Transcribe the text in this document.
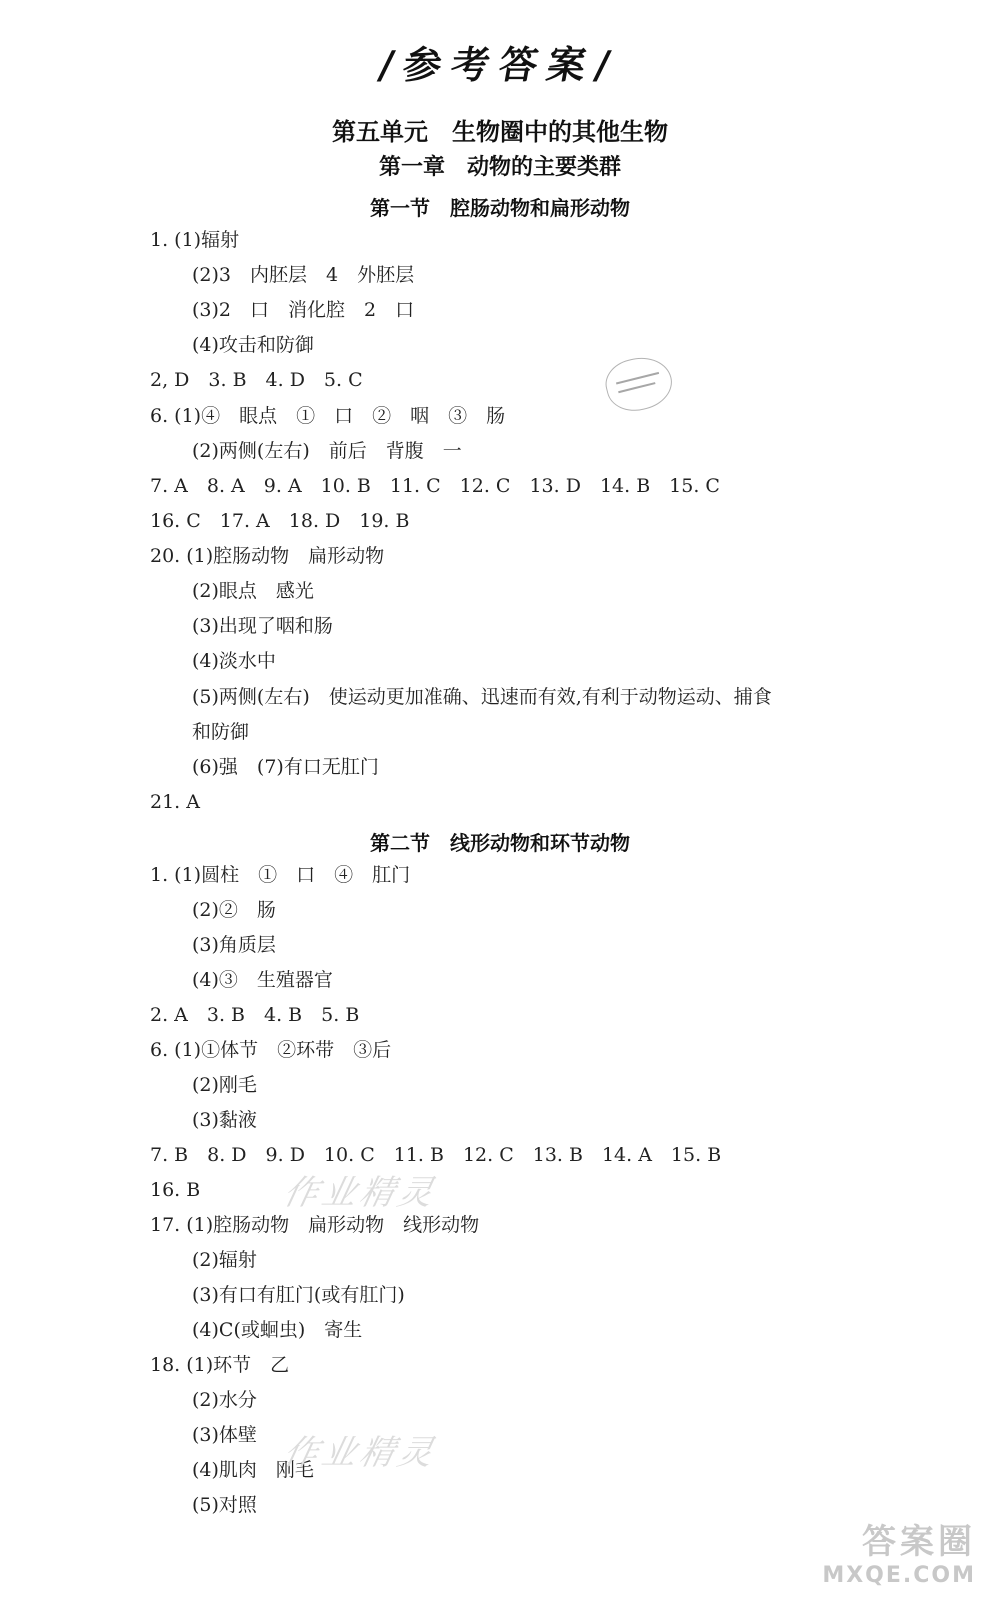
/参考答案/
第五单元　生物圈中的其他生物
第一章　动物的主要类群
第一节　腔肠动物和扁形动物
1. (1)辐射
(2)3　内胚层　4　外胚层
(3)2　口　消化腔　2　口
(4)攻击和防御
2, D　3. B　4. D　5. C
6. (1)④　眼点　①　口　②　咽　③　肠
(2)两侧(左右)　前后　背腹　一
7. A　8. A　9. A　10. B　11. C　12. C　13. D　14. B　15. C
16. C　17. A　18. D　19. B
20. (1)腔肠动物　扁形动物
(2)眼点　感光
(3)出现了咽和肠
(4)淡水中
(5)两侧(左右)　使运动更加准确、迅速而有效,有利于动物运动、捕食
和防御
(6)强　(7)有口无肛门
21. A
第二节　线形动物和环节动物
1. (1)圆柱　①　口　④　肛门
(2)②　肠
(3)角质层
(4)③　生殖器官
2. A　3. B　4. B　5. B
6. (1)①体节　②环带　③后
(2)刚毛
(3)黏液
7. B　8. D　9. D　10. C　11. B　12. C　13. B　14. A　15. B
16. B
17. (1)腔肠动物　扁形动物　线形动物
(2)辐射
(3)有口有肛门(或有肛门)
(4)C(或蛔虫)　寄生
18. (1)环节　乙
(2)水分
(3)体壁
(4)肌肉　刚毛
(5)对照
作业精灵
作业精灵
答案圈
MXQE.COM
